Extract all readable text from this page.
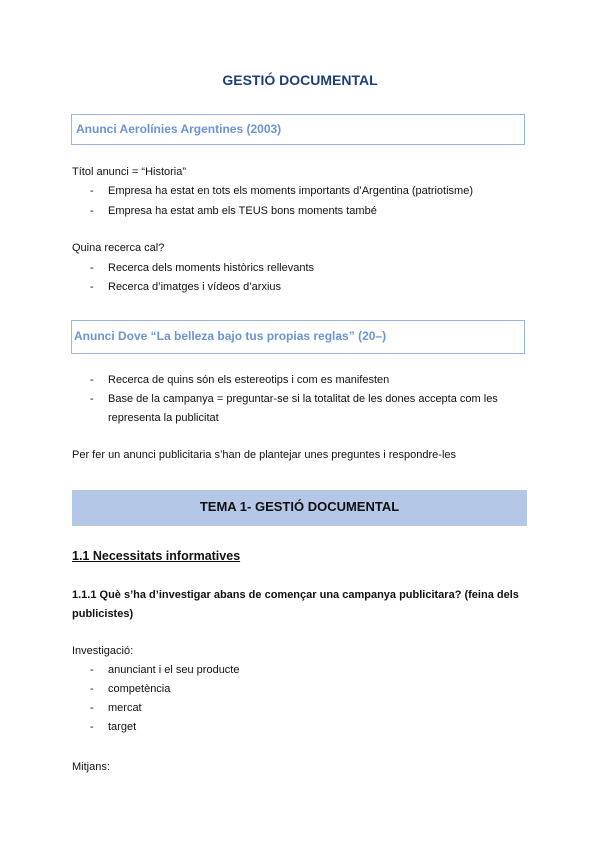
GESTIÓ DOCUMENTAL
Anunci Aerolínies Argentines (2003)
Títol anunci = “Historia”
- Empresa ha estat en tots els moments importants d’Argentina (patriotisme)
- Empresa ha estat amb els TEUS bons moments també
Quina recerca cal?
- Recerca dels moments històrics rellevants
- Recerca d’imatges i vídeos d’arxius
Anunci Dove “La belleza bajo tus propias reglas” (20–)
- Recerca de quins són els estereotips i com es manifesten
- Base de la campanya = preguntar-se si la totalitat de les dones accepta com les
representa la publicitat
Per fer un anunci publicitaria s’han de plantejar unes preguntes i respondre-les
TEMA 1- GESTIÓ DOCUMENTAL
1.1 Necessitats informatives
1.1.1 Què s’ha d’investigar abans de començar una campanya publicitara? (feina dels publicistes)
Investigació:
- anunciant i el seu producte
- competència
- mercat
- target
Mitjans:
